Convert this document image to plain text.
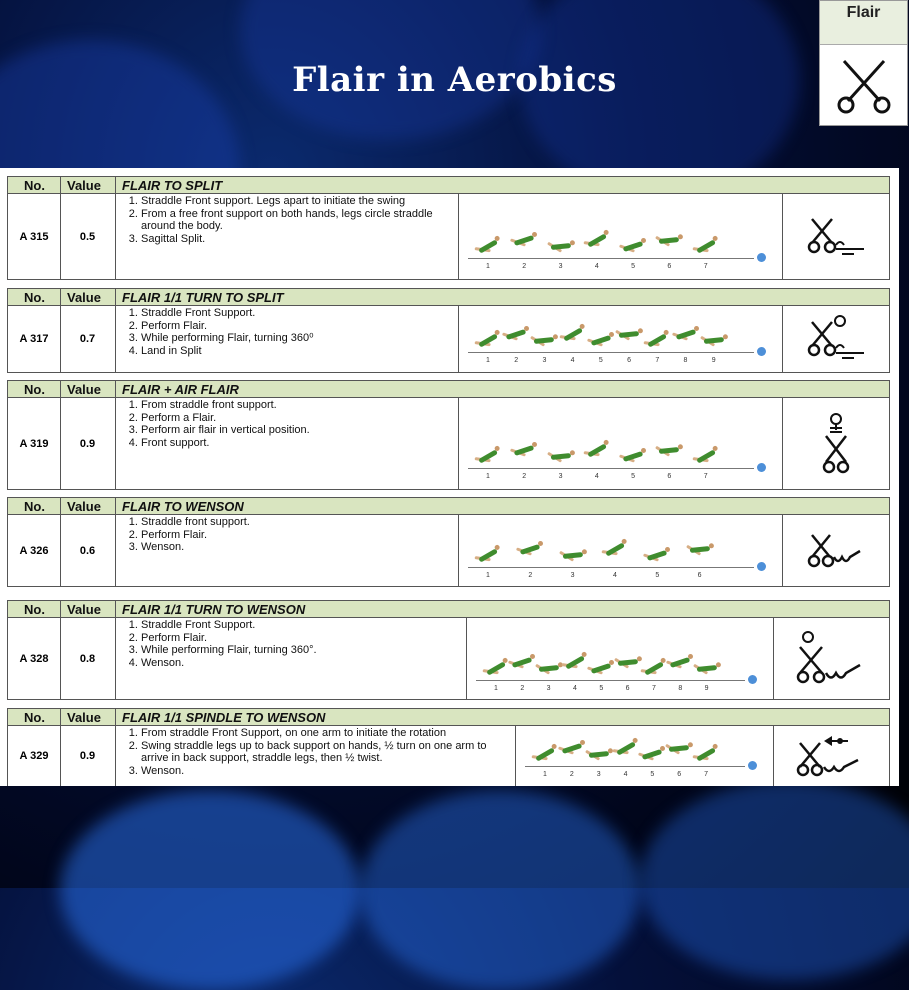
Flair in Aerobics
Flair
No. Value FLAIR TO SPLIT
A 315	0.5
1. Straddle Front support. Legs apart to initiate the swing
2. From a free front support on both hands, legs circle straddle around the body.
3. Sagittal Split.
1	2	3	4	5	6	7
No. Value FLAIR 1/1 TURN TO SPLIT
A 317	0.7
1. Straddle Front Support.
2. Perform Flair.
3. While performing Flair, turning 360⁰
4. Land in Split
1	2	3	4	5	6	7	8	9
No. Value FLAIR + AIR FLAIR
A 319	0.9
1. From straddle front support.
2. Perform a Flair.
3. Perform air flair in vertical position.
4. Front support.
1	2	3	4	5	6	7
No. Value FLAIR TO WENSON
A 326	0.6
1. Straddle front support.
2. Perform Flair.
3. Wenson.
1	2	3	4	5	6
No. Value FLAIR 1/1 TURN TO WENSON
A 328	0.8
1. Straddle Front Support.
2. Perform Flair.
3. While performing Flair, turning 360°.
4. Wenson.
1	2	3	4	5	6	7	8	9
No. Value FLAIR 1/1 SPINDLE TO WENSON
A 329	0.9
1. From straddle Front Support, on one arm to initiate the rotation
2. Swing straddle legs up to back support on hands, ½ turn on one arm to arrive in back support, straddle legs, then ½ twist.
3. Wenson.	1	2	3	4	5	6	7
